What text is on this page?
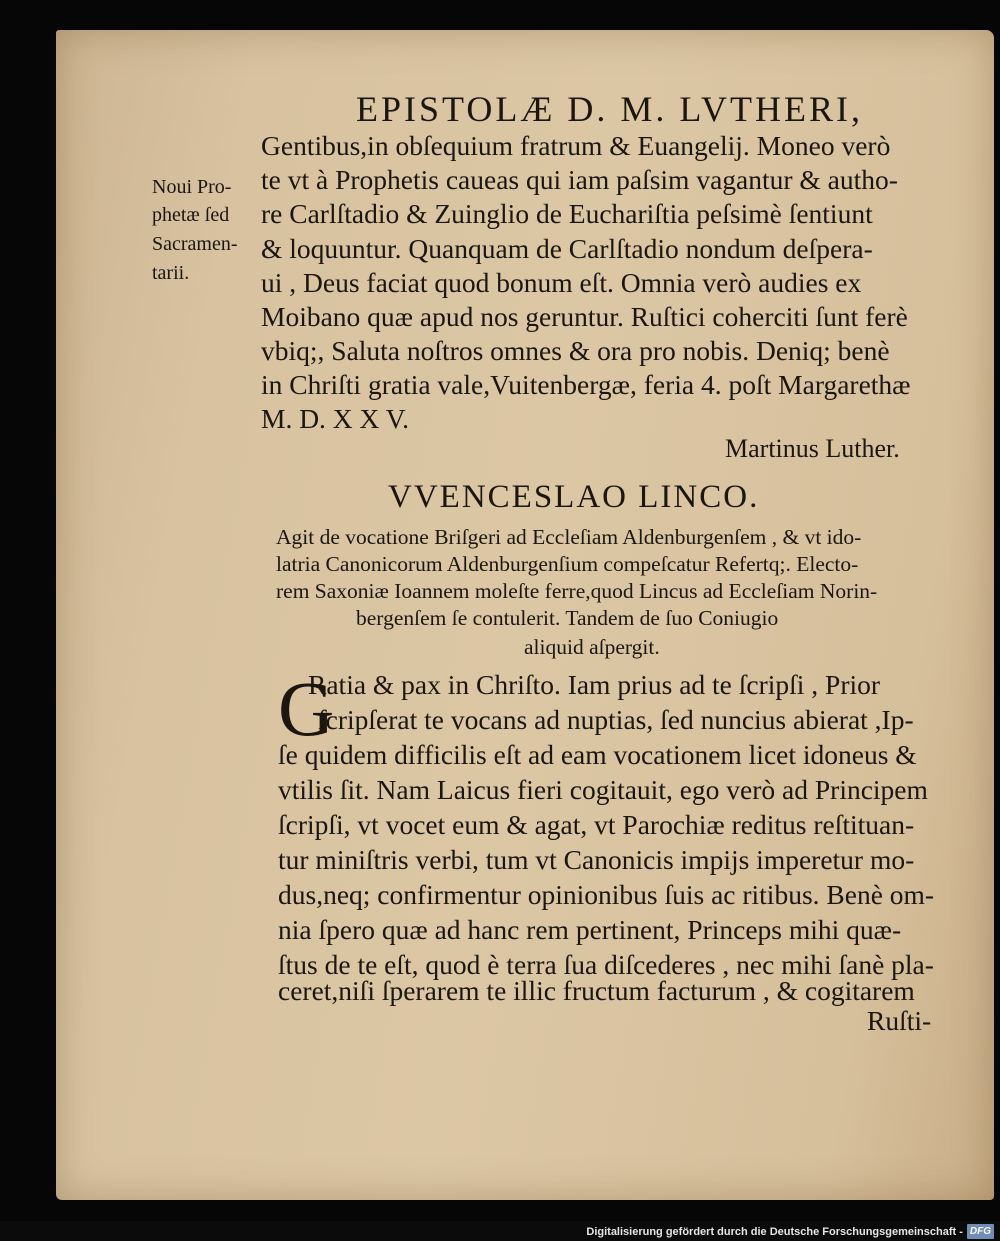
EPISTOLÆ D. M. LVTHERI,
Noui Pro-
phetæ ſed
Sacramen-
tarii.
Gentibus,in obſequium fratrum & Euangelij. Moneo verò
te vt à Prophetis caueas qui iam paſsim vagantur & autho-
re Carlſtadio & Zuinglio de Euchariſtia peſsimè ſentiunt
& loquuntur. Quanquam de Carlſtadio nondum deſpera-
ui , Deus faciat quod bonum eſt. Omnia verò audies ex
Moibano quæ apud nos geruntur. Ruſtici coherciti ſunt ferè
vbiq;, Saluta noſtros omnes & ora pro nobis. Deniq; benè
in Chriſti gratia vale,Vuitenbergæ, feria 4. poſt Margarethæ
M. D. X X V.
Martinus Luther.
VVENCESLAO LINCO.
Agit de vocatione Briſgeri ad Eccleſiam Aldenburgenſem , & vt ido-
latria Canonicorum Aldenburgenſium compeſcatur Refertq;. Electo-
rem Saxoniæ Ioannem moleſte ferre,quod Lincus ad Eccleſiam Norin-
bergenſem ſe contulerit. Tandem de ſuo Coniugio
aliquid aſpergit.
G
Ratia & pax in Chriſto. Iam prius ad te ſcripſi , Prior
ſcripſerat te vocans ad nuptias, ſed nuncius abierat ,Ip-
ſe quidem difficilis eſt ad eam vocationem licet idoneus &
vtilis ſit. Nam Laicus fieri cogitauit, ego verò ad Principem
ſcripſi, vt vocet eum & agat, vt Parochiæ reditus reſtituan-
tur miniſtris verbi, tum vt Canonicis impijs imperetur mo-
dus,neq; confirmentur opinionibus ſuis ac ritibus. Benè om-
nia ſpero quæ ad hanc rem pertinent, Princeps mihi quæ-
ſtus de te eſt, quod è terra ſua diſcederes , nec mihi ſanè pla-
ceret,niſi ſperarem te illic fructum facturum , & cogitarem
Ruſti-
Digitalisierung gefördert durch die Deutsche Forschungsgemeinschaft - DFG
